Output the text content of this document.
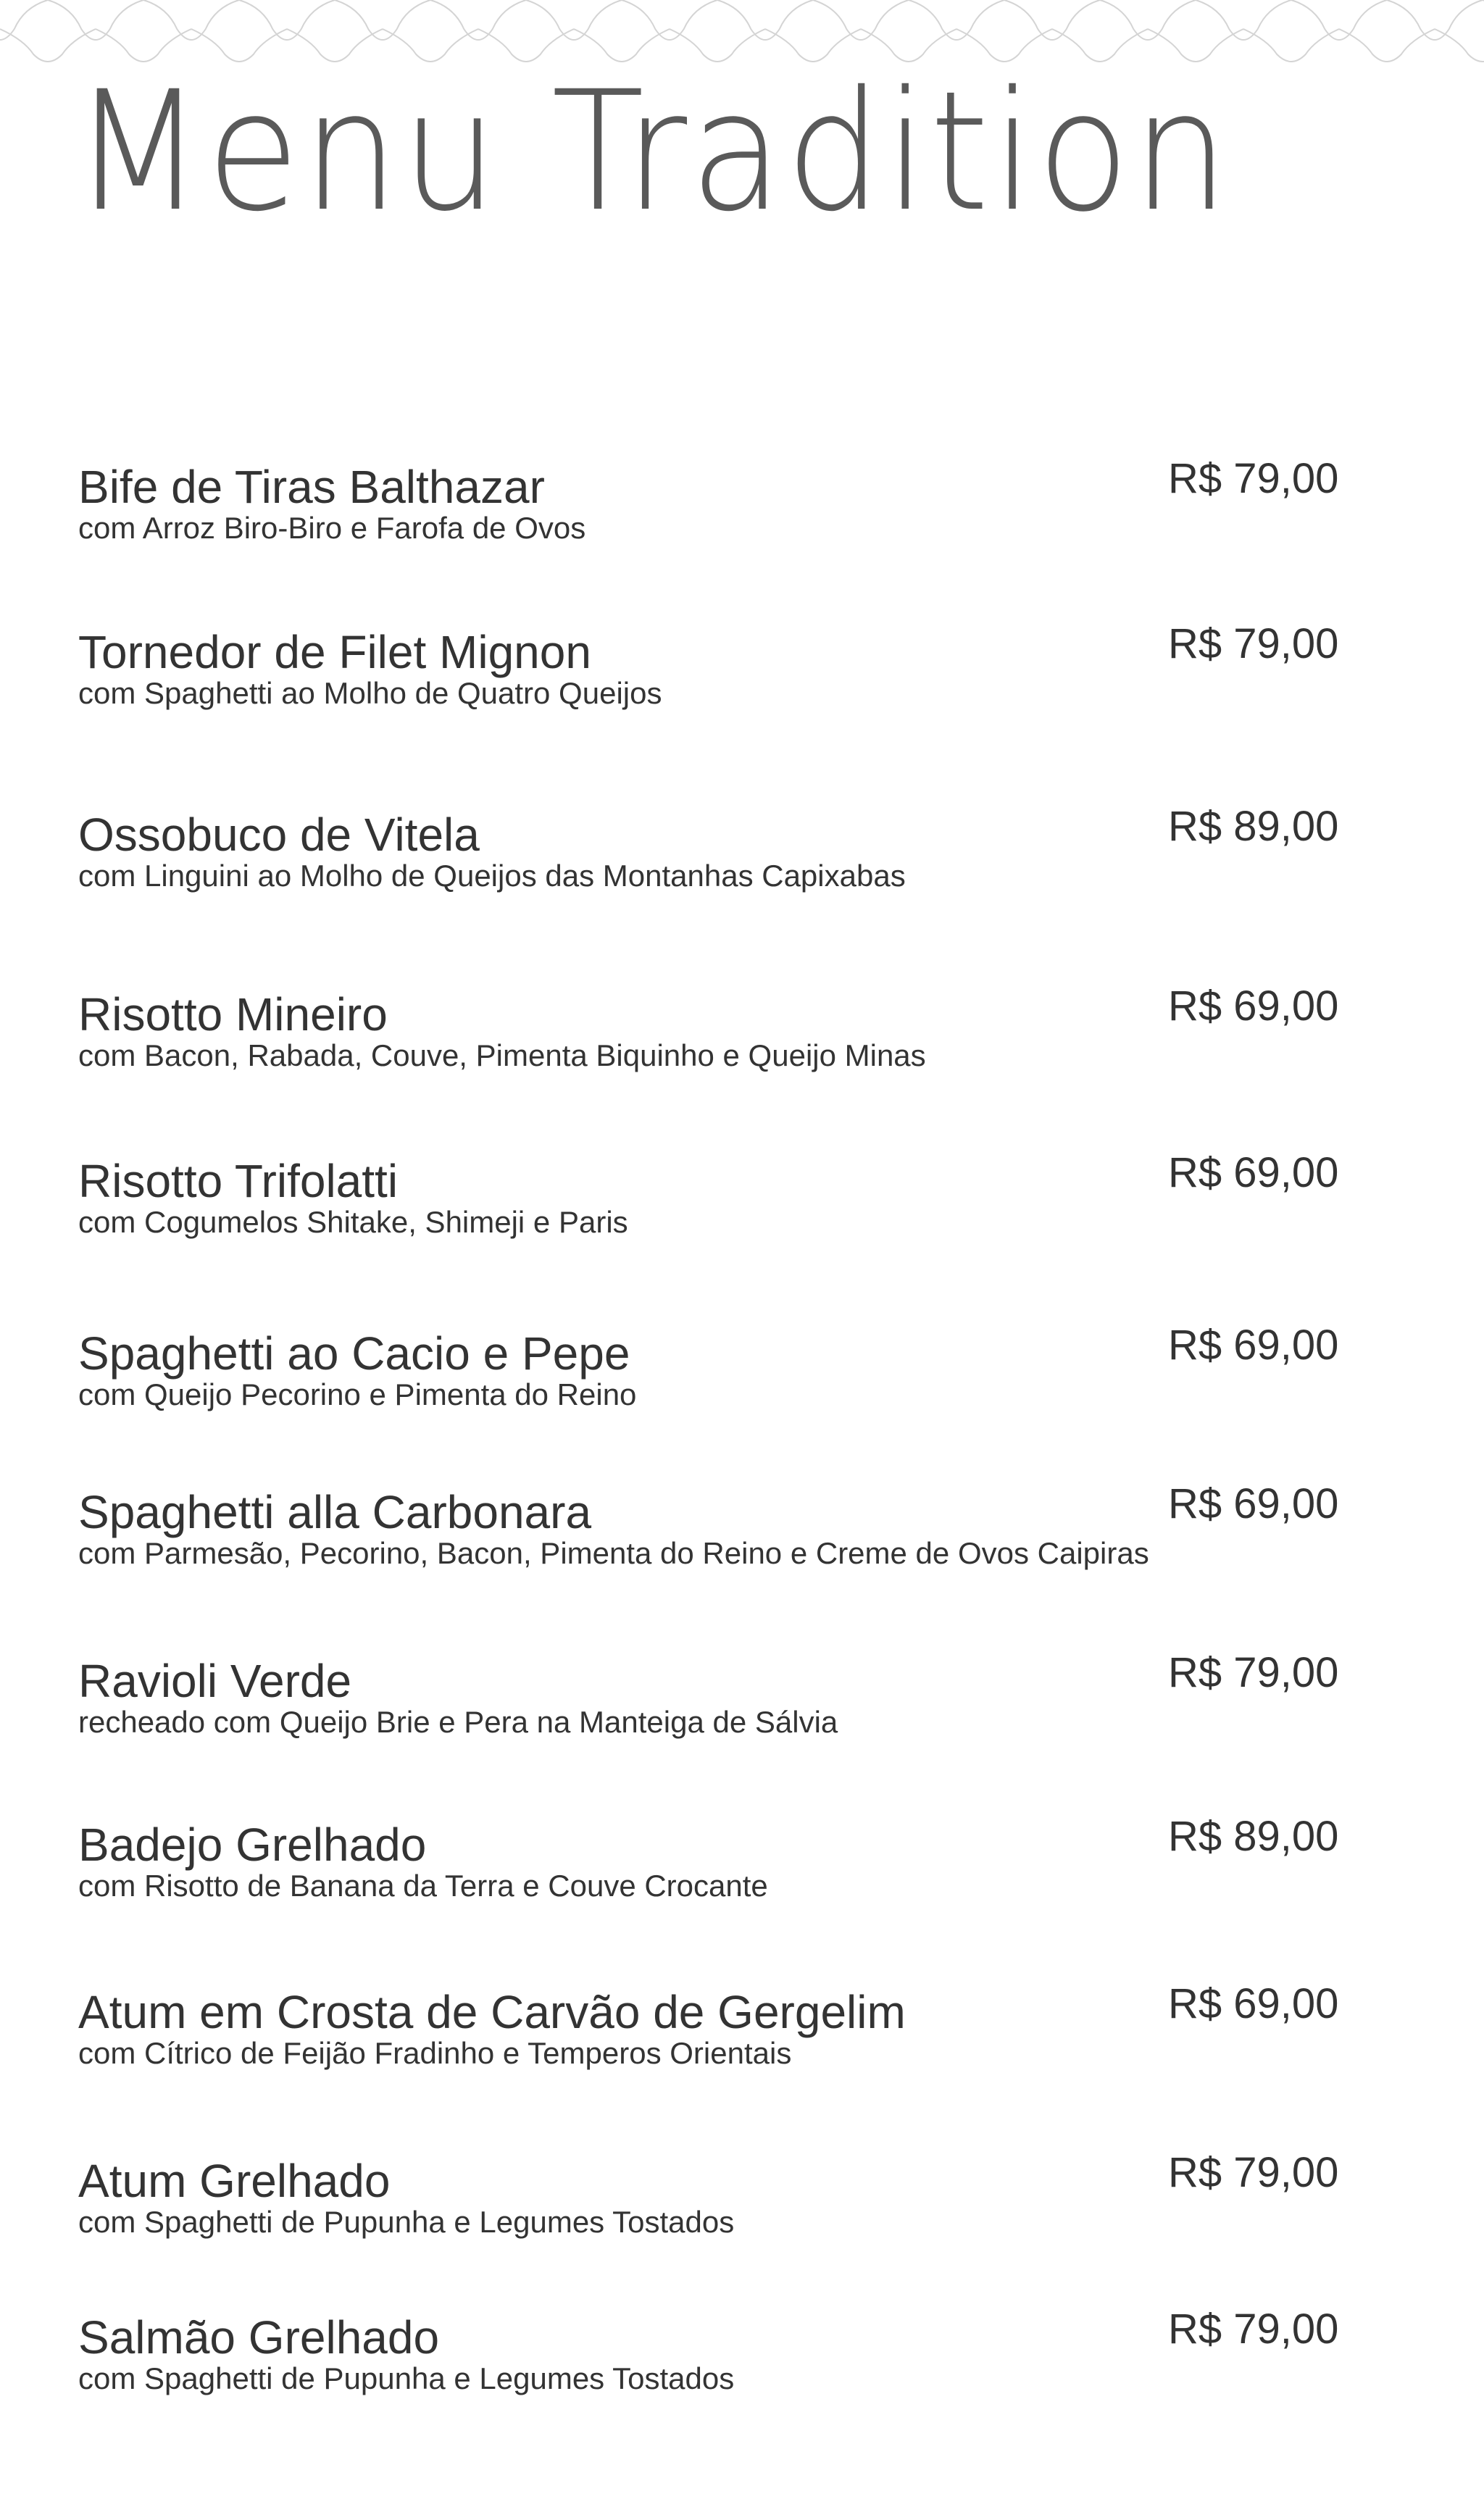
Menu Tradition
Bife de Tiras Balthazar
com Arroz Biro-Biro e Farofa de Ovos
R$ 79,00
Tornedor de Filet Mignon
com Spaghetti ao Molho de Quatro Queijos
R$ 79,00
Ossobuco de Vitela
com Linguini ao Molho de Queijos das Montanhas Capixabas
R$ 89,00
Risotto Mineiro
com Bacon, Rabada, Couve, Pimenta Biquinho e Queijo Minas
R$ 69,00
Risotto Trifolatti
com Cogumelos Shitake, Shimeji e Paris
R$ 69,00
Spaghetti ao Cacio e Pepe
com Queijo Pecorino e Pimenta do Reino
R$ 69,00
Spaghetti alla Carbonara
com Parmesão, Pecorino, Bacon, Pimenta do Reino e Creme de Ovos Caipiras
R$ 69,00
Ravioli Verde
recheado com Queijo Brie e Pera na Manteiga de Sálvia
R$ 79,00
Badejo Grelhado
com Risotto de Banana da Terra e Couve Crocante
R$ 89,00
Atum em Crosta de Carvão de Gergelim
com Cítrico de Feijão Fradinho e Temperos Orientais
R$ 69,00
Atum Grelhado
com Spaghetti de Pupunha e Legumes Tostados
R$ 79,00
Salmão Grelhado
com Spaghetti de Pupunha e Legumes Tostados
R$ 79,00
